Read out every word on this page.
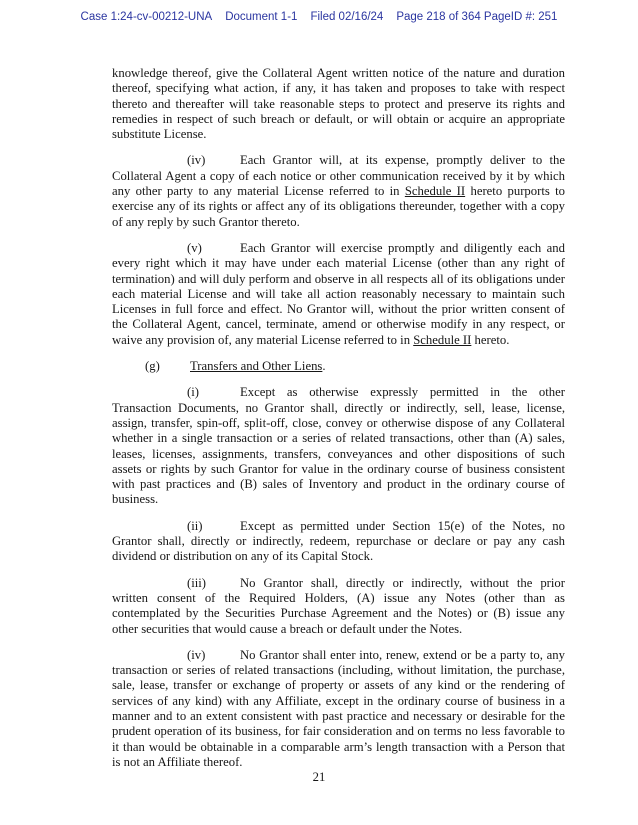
Case 1:24-cv-00212-UNA Document 1-1 Filed 02/16/24 Page 218 of 364 PageID #: 251

knowledge thereof, give the Collateral Agent written notice of the nature and duration thereof, specifying what action, if any, it has taken and proposes to take with respect thereto and thereafter will take reasonable steps to protect and preserve its rights and remedies in respect of such breach or default, or will obtain or acquire an appropriate substitute License.

(iv)	Each Grantor will, at its expense, promptly deliver to the Collateral Agent a copy of each notice or other communication received by it by which any other party to any material License referred to in Schedule II hereto purports to exercise any of its rights or affect any of its obligations thereunder, together with a copy of any reply by such Grantor thereto.

(v)	Each Grantor will exercise promptly and diligently each and every right which it may have under each material License (other than any right of termination) and will duly perform and observe in all respects all of its obligations under each material License and will take all action reasonably necessary to maintain such Licenses in full force and effect. No Grantor will, without the prior written consent of the Collateral Agent, cancel, terminate, amend or otherwise modify in any respect, or waive any provision of, any material License referred to in Schedule II hereto.

(g) Transfers and Other Liens.

(i)	Except as otherwise expressly permitted in the other Transaction Documents, no Grantor shall, directly or indirectly, sell, lease, license, assign, transfer, spin-off, split-off, close, convey or otherwise dispose of any Collateral whether in a single transaction or a series of related transactions, other than (A) sales, leases, licenses, assignments, transfers, conveyances and other dispositions of such assets or rights by such Grantor for value in the ordinary course of business consistent with past practices and (B) sales of Inventory and product in the ordinary course of business.

(ii)	Except as permitted under Section 15(e) of the Notes, no Grantor shall, directly or indirectly, redeem, repurchase or declare or pay any cash dividend or distribution on any of its Capital Stock.

(iii)	No Grantor shall, directly or indirectly, without the prior written consent of the Required Holders, (A) issue any Notes (other than as contemplated by the Securities Purchase Agreement and the Notes) or (B) issue any other securities that would cause a breach or default under the Notes.

(iv)	No Grantor shall enter into, renew, extend or be a party to, any transaction or series of related transactions (including, without limitation, the purchase, sale, lease, transfer or exchange of property or assets of any kind or the rendering of services of any kind) with any Affiliate, except in the ordinary course of business in a manner and to an extent consistent with past practice and necessary or desirable for the prudent operation of its business, for fair consideration and on terms no less favorable to it than would be obtainable in a comparable arm’s length transaction with a Person that is not an Affiliate thereof.

21
